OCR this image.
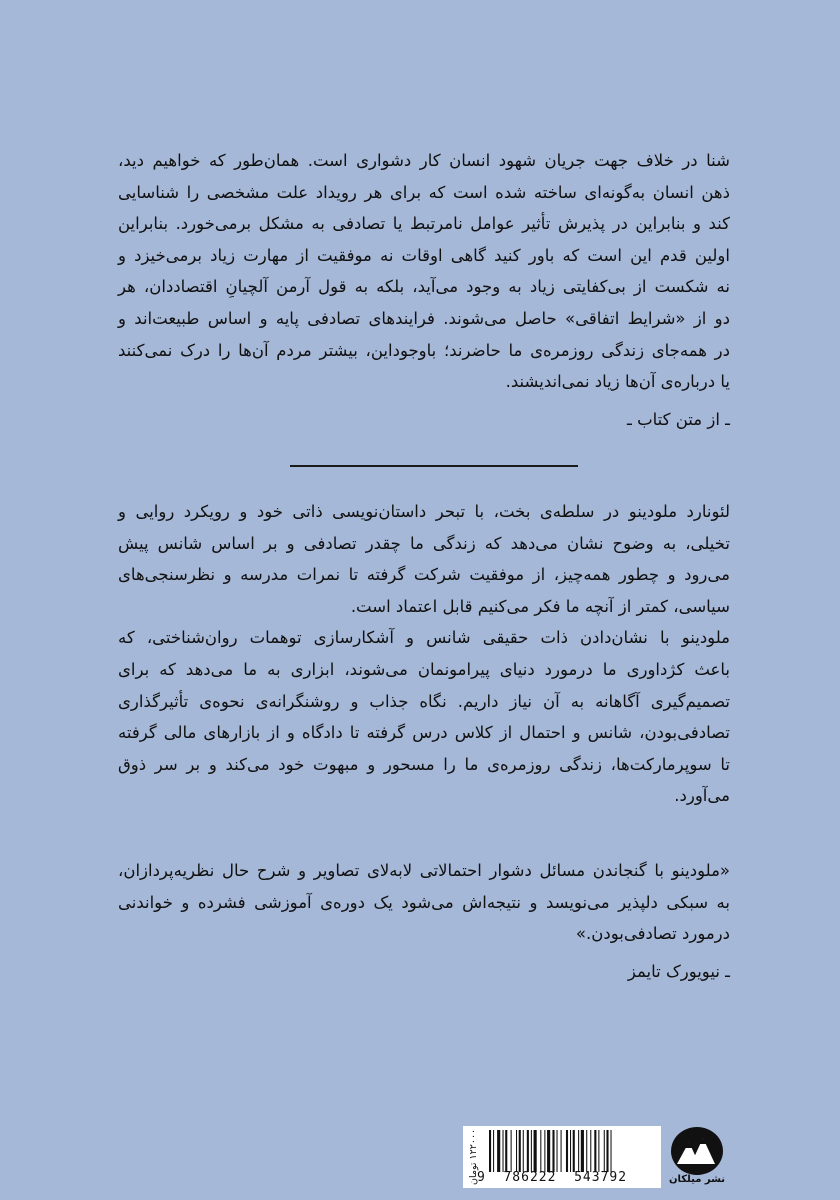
شنا در خلاف جهت جریان شهود انسان کار دشواری است. همان‌طور که خواهیم دید،
ذهن انسان به‌گونه‌ای ساخته شده است که برای هر رویداد علت مشخصی را شناسایی
کند و بنابراین در پذیرش تأثیر عوامل نامرتبط یا تصادفی به مشکل برمی‌خورد. بنابراین
اولین قدم این است که باور کنید گاهی اوقات نه موفقیت از مهارت زیاد برمی‌خیزد و
نه شکست از بی‌کفایتی زیاد به وجود می‌آید، بلکه به قول آرمن آلچیانِ اقتصاددان، هر
دو از «شرایط اتفاقی» حاصل می‌شوند. فرایندهای تصادفی پایه و اساس طبیعت‌اند و
در همه‌جای زندگی روزمره‌ی ما حاضرند؛ باوجوداین، بیشتر مردم آن‌ها را درک نمی‌کنند
یا درباره‌ی آن‌ها زیاد نمی‌اندیشند.
ـ از متن کتاب ـ
لئونارد ملودینو در سلطه‌ی بخت، با تبحر داستان‌نویسی ذاتی خود و رویکرد روایی و
تخیلی، به وضوح نشان می‌دهد که زندگی ما چقدر تصادفی و بر اساس شانس پیش
می‌رود و چطور همه‌چیز، از موفقیت شرکت گرفته تا نمرات مدرسه و نظرسنجی‌های
سیاسی، کمتر از آنچه ما فکر می‌کنیم قابل اعتماد است.
ملودینو با نشان‌دادن ذات حقیقی شانس و آشکارسازی توهمات روان‌شناختی، که
باعث کژداوری ما درمورد دنیای پیرامونمان می‌شوند، ابزاری به ما می‌دهد که برای
تصمیم‌گیری آگاهانه به آن نیاز داریم. نگاه جذاب و روشنگرانه‌ی نحوه‌ی تأثیرگذاری
تصادفی‌بودن، شانس و احتمال از کلاس درس گرفته تا دادگاه و از بازارهای مالی گرفته
تا سوپرمارکت‌ها، زندگی روزمره‌ی ما را مسحور و مبهوت خود می‌کند و بر سر ذوق
می‌آورد.
«ملودینو با گنجاندن مسائل دشوار احتمالاتی لابه‌لای تصاویر و شرح حال نظریه‌پردازان،
به سبکی دلپذیر می‌نویسد و نتیجه‌اش می‌شود یک دوره‌ی آموزشی فشرده و خواندنی
درمورد تصادفی‌بودن.»
ـ نیویورک تایمز
۱۲۲۰۰۰ تومان
9  786222  543792	نشر میلکان
